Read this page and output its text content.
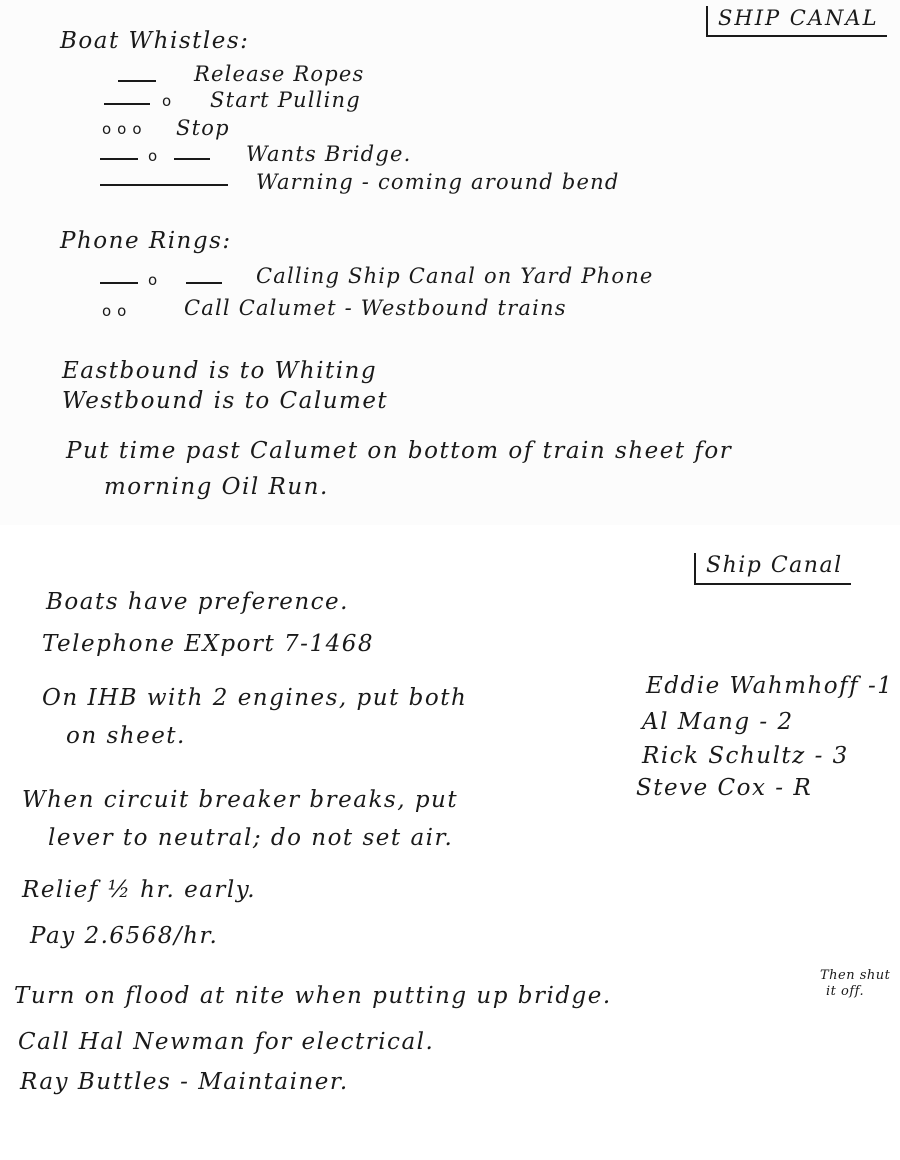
SHIP CANAL
Boat Whistles:
Release Ropes
o Start Pulling
ooo Stop
o	Wants Bridge.
Warning - coming around bend
Phone Rings:
o	Calling Ship Canal on Yard Phone
oo Call Calumet - Westbound trains
Eastbound is to Whiting
Westbound is to Calumet
Put time past Calumet on bottom of train sheet for
morning Oil Run.
Ship Canal
Boats have preference.
Telephone EXport 7-1468
On IHB with 2 engines, put both
on sheet.
When circuit breaker breaks, put
lever to neutral; do not set air.
Relief ½ hr. early.
Pay 2.6568/hr.
Turn on flood at nite when putting up bridge.
Then shut
it off.
Call Hal Newman for electrical.
Ray Buttles - Maintainer.
Eddie Wahmhoff -1
Al Mang - 2
Rick Schultz - 3
Steve Cox - R
